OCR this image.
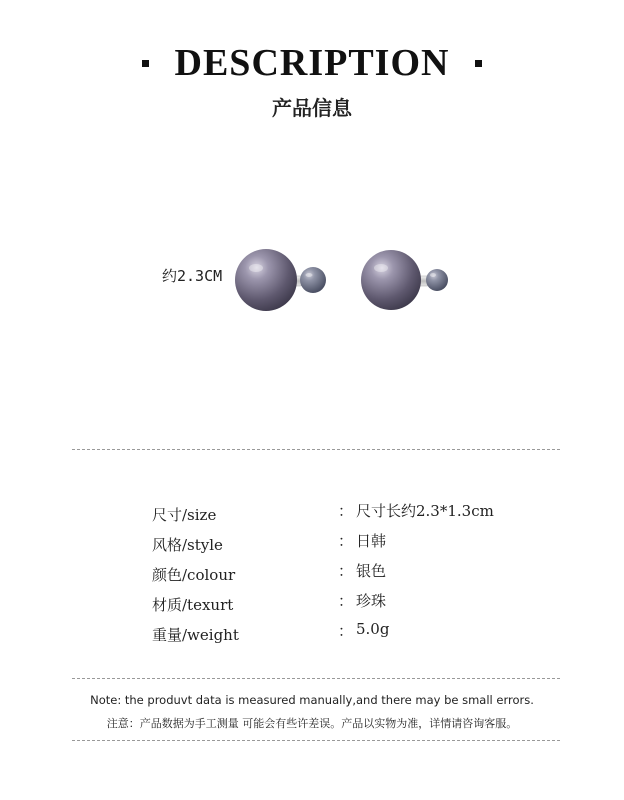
DESCRIPTION
产品信息
约2.3CM
尺寸/size	： 尺寸长约2.3*1.3cm
风格/style	： 日韩
颜色/colour	： 银色
材质/texurt	： 珍珠
重量/weight	： 5.0g
Note: the produvt data is measured manually,and there may be small errors.
注意：产品数据为手工测量 可能会有些许差误。产品以实物为准，详情请咨询客服。
